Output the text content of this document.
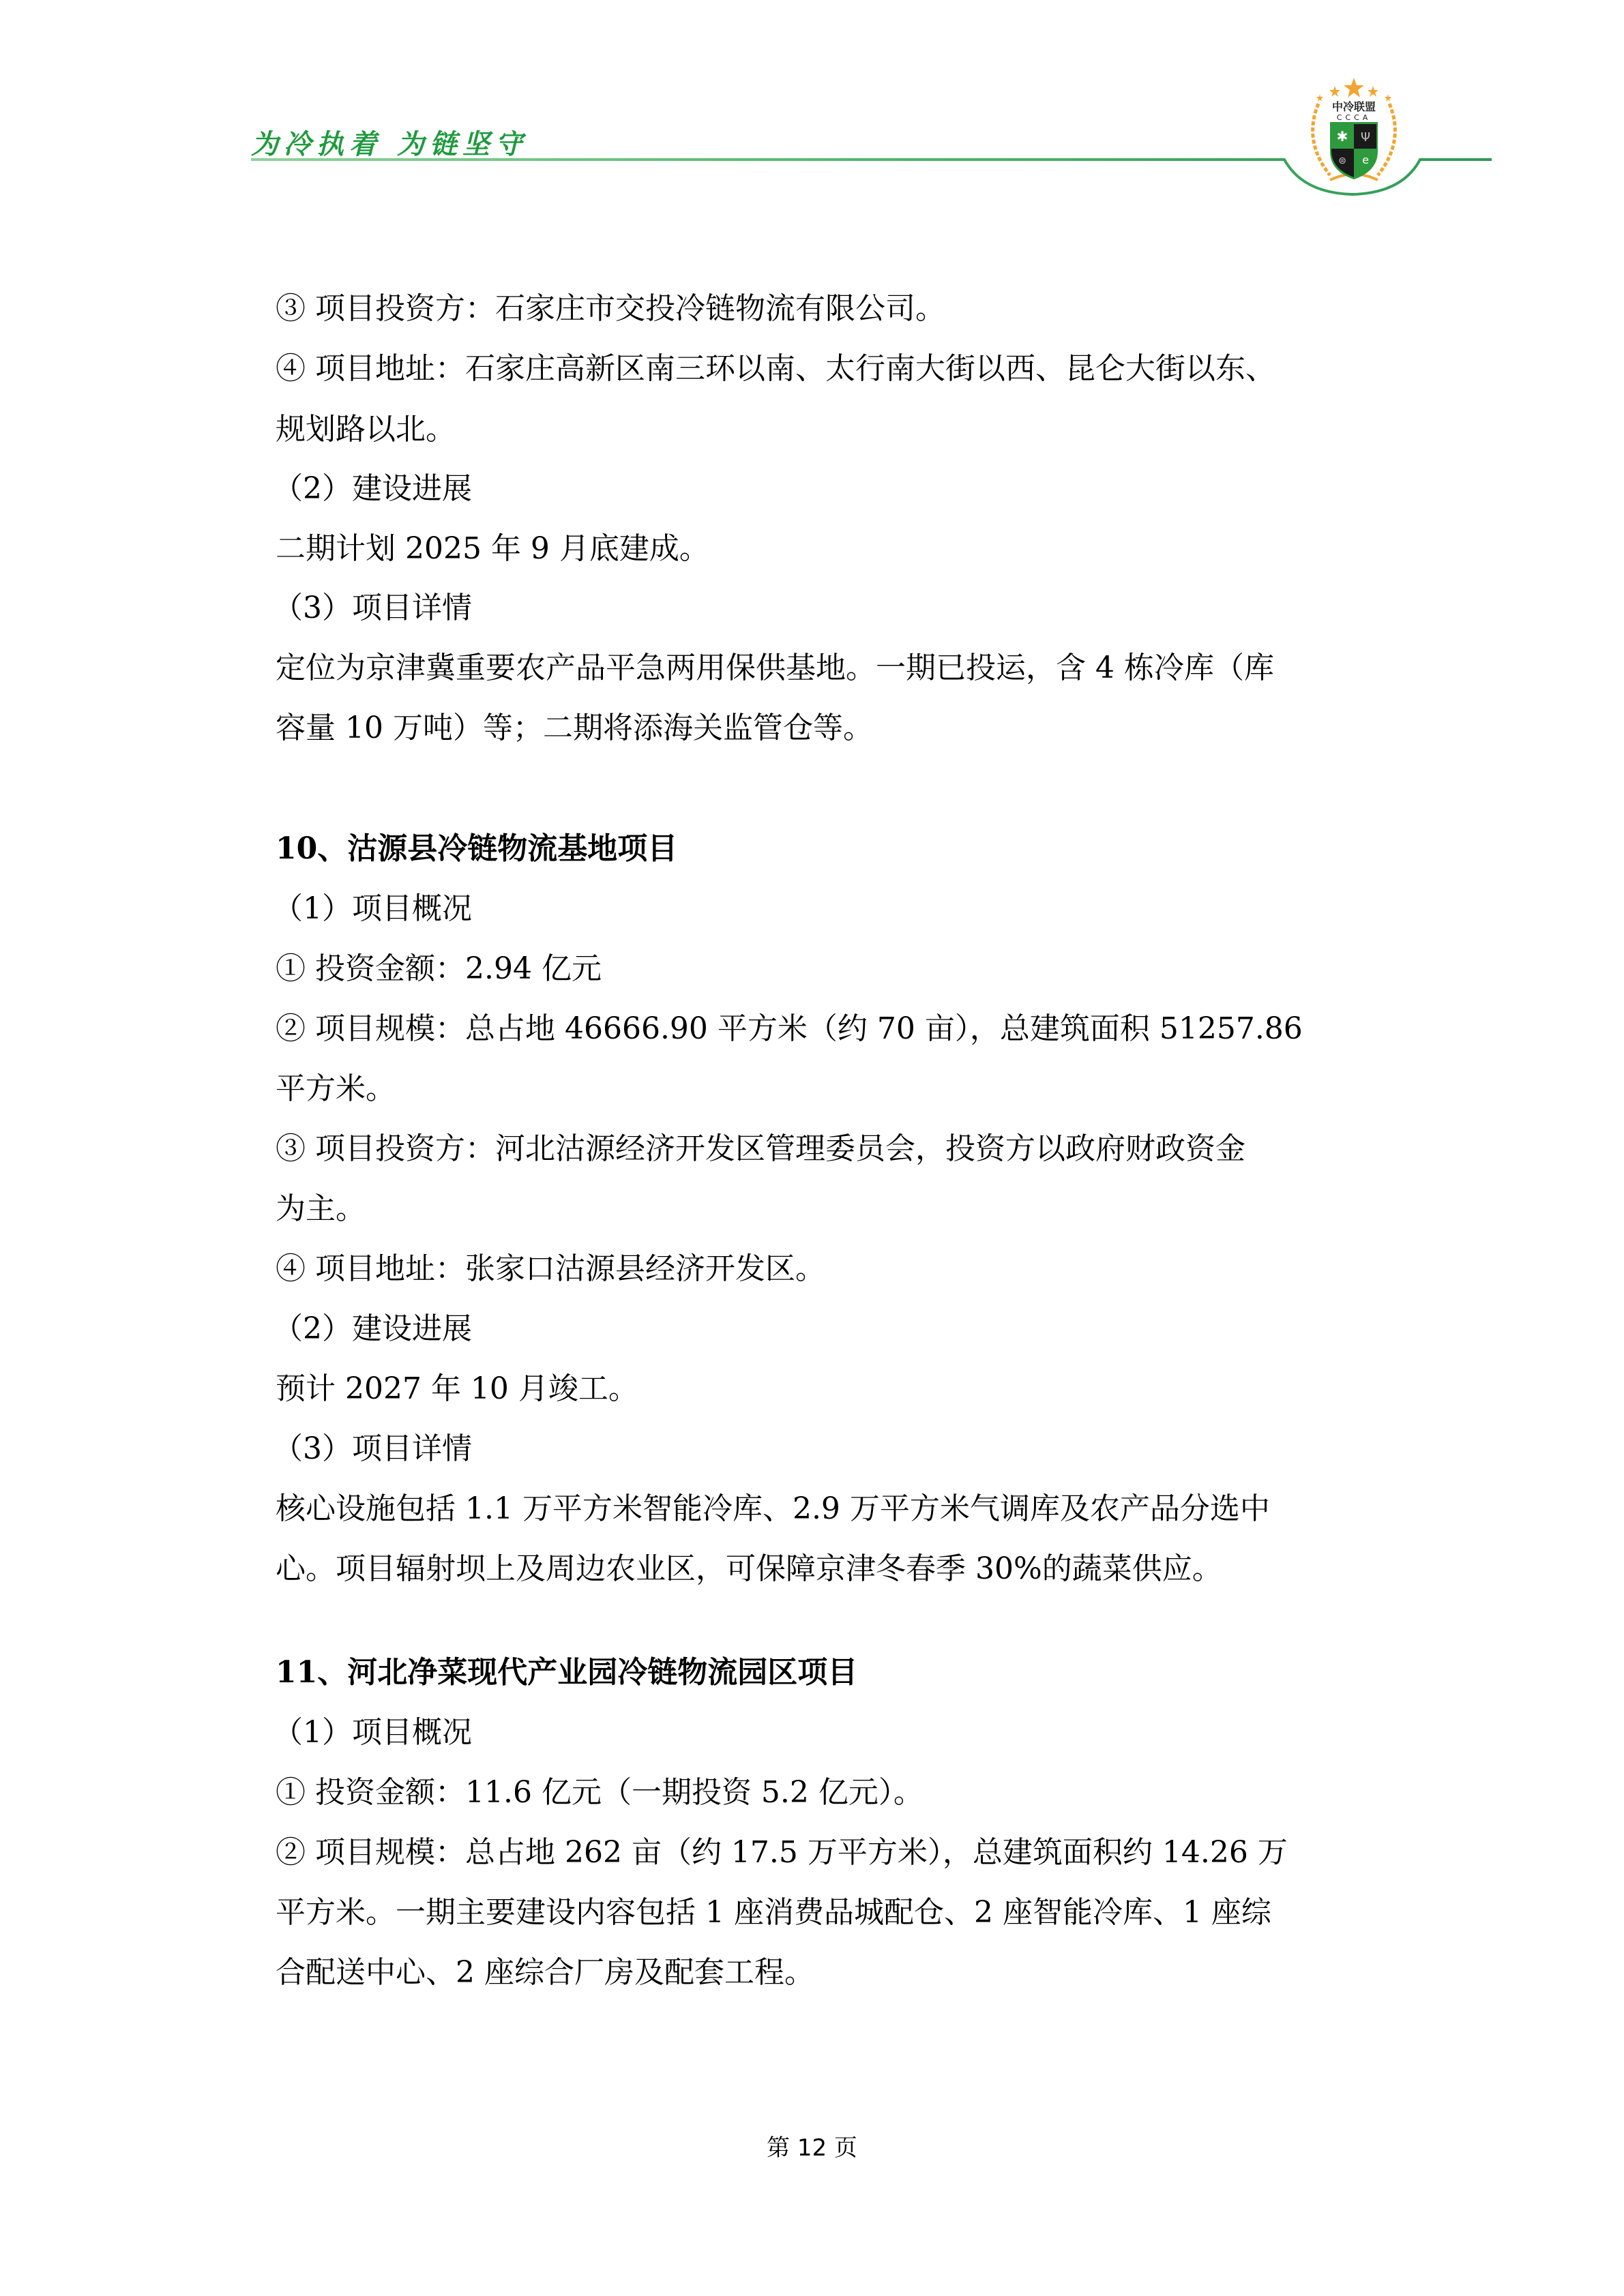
为冷执着 为链坚守
中冷联盟
CCCA
✱ Ψ
⊜ e
③ 项目投资方：石家庄市交投冷链物流有限公司。
④ 项目地址：石家庄高新区南三环以南、太行南大街以西、昆仑大街以东、
规划路以北。
（2）建设进展
二期计划 2025 年 9 月底建成。
（3）项目详情
定位为京津冀重要农产品平急两用保供基地。一期已投运，含 4 栋冷库（库
容量 10 万吨）等；二期将添海关监管仓等。
10、沽源县冷链物流基地项目
（1）项目概况
① 投资金额：2.94 亿元
② 项目规模：总占地 46666.90 平方米（约 70 亩），总建筑面积 51257.86
平方米。
③ 项目投资方：河北沽源经济开发区管理委员会，投资方以政府财政资金
为主。
④ 项目地址：张家口沽源县经济开发区。
（2）建设进展
预计 2027 年 10 月竣工。
（3）项目详情
核心设施包括 1.1 万平方米智能冷库、2.9 万平方米气调库及农产品分选中
心。项目辐射坝上及周边农业区，可保障京津冬春季 30%的蔬菜供应。
11、河北净菜现代产业园冷链物流园区项目
（1）项目概况
① 投资金额：11.6 亿元（一期投资 5.2 亿元）。
② 项目规模：总占地 262 亩（约 17.5 万平方米），总建筑面积约 14.26 万
平方米。一期主要建设内容包括 1 座消费品城配仓、2 座智能冷库、1 座综
合配送中心、2 座综合厂房及配套工程。
第 12 页
